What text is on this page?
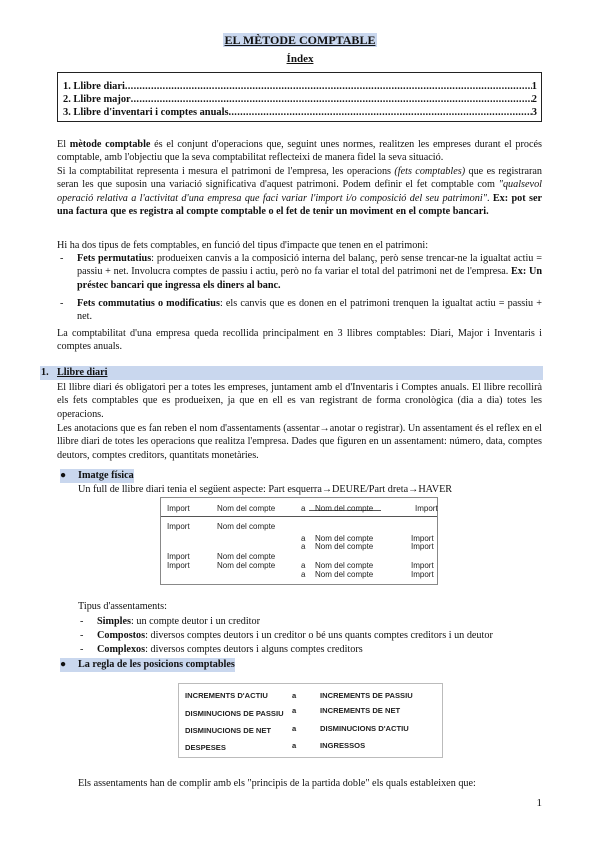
EL MÈTODE COMPTABLE
Índex
1. Llibre diari .....	1
2. Llibre major .....	2
3. Llibre d'inventari i comptes anuals .....	3
El mètode comptable és el conjunt d'operacions que, seguint unes normes, realitzen les empreses durant el procés comptable, amb l'objectiu que la seva comptabilitat reflecteixi de manera fidel la seva situació.
Si la comptabilitat representa i mesura el patrimoni de l'empresa, les operacions (fets comptables) que es registraran seran les que suposin una variació significativa d'aquest patrimoni. Podem definir el fet comptable com "qualsevol operació relativa a l'activitat d'una empresa que faci variar l'import i/o composició del seu patrimoni". Ex: pot ser una factura que es registra al compte comptable o el fet de tenir un moviment en el compte bancari.
Hi ha dos tipus de fets comptables, en funció del tipus d'impacte que tenen en el patrimoni:
- Fets permutatius: produeixen canvis a la composició interna del balanç, però sense trencar-ne la igualtat actiu = passiu + net. Involucra comptes de passiu i actiu, però no fa variar el total del patrimoni net de l'empresa. Ex: Un préstec bancari que ingressa els diners al banc.
- Fets commutatius o modificatius: els canvis que es donen en el patrimoni trenquen la igualtat actiu = passiu + net.
La comptabilitat d'una empresa queda recollida principalment en 3 llibres comptables: Diari, Major i Inventaris i comptes anuals.
1. Llibre diari
El llibre diari és obligatori per a totes les empreses, juntament amb el d'Inventaris i Comptes anuals. El llibre recollirà els fets comptables que es produeixen, ja que en ell es van registrant de forma cronològica (dia a dia) totes les operacions.
Les anotacions que es fan reben el nom d'assentaments (assentar→anotar o registrar). Un assentament és el reflex en el llibre diari de totes les operacions que realitza l'empresa. Dades que figuren en un assentament: número, data, comptes deutors, comptes creditors, quantitats monetàries.
● Imatge física
Un full de llibre diari tenia el següent aspecte: Part esquerra→DEURE/Part dreta→HAVER
Import	Nom del compte	a Nom del compte	Import
Import	Nom del compte
a Nom del compte	Import
a Nom del compte	Import
Import	Nom del compte
Import	Nom del compte	a Nom del compte	Import
a Nom del compte	Import
Tipus d'assentaments:
- Simples: un compte deutor i un creditor
- Compostos: diversos comptes deutors i un creditor o bé uns quants comptes creditors i un deutor
- Complexos: diversos comptes deutors i alguns comptes creditors
● La regla de les posicions comptables
INCREMENTS D'ACTIU	a	INCREMENTS DE PASSIU
DISMINUCIONS DE PASSIU a	INCREMENTS DE NET
DISMINUCIONS DE NET	a	DISMINUCIONS D'ACTIU
DESPESES	a	INGRESSOS
Els assentaments han de complir amb els "principis de la partida doble" els quals estableixen que:
1
